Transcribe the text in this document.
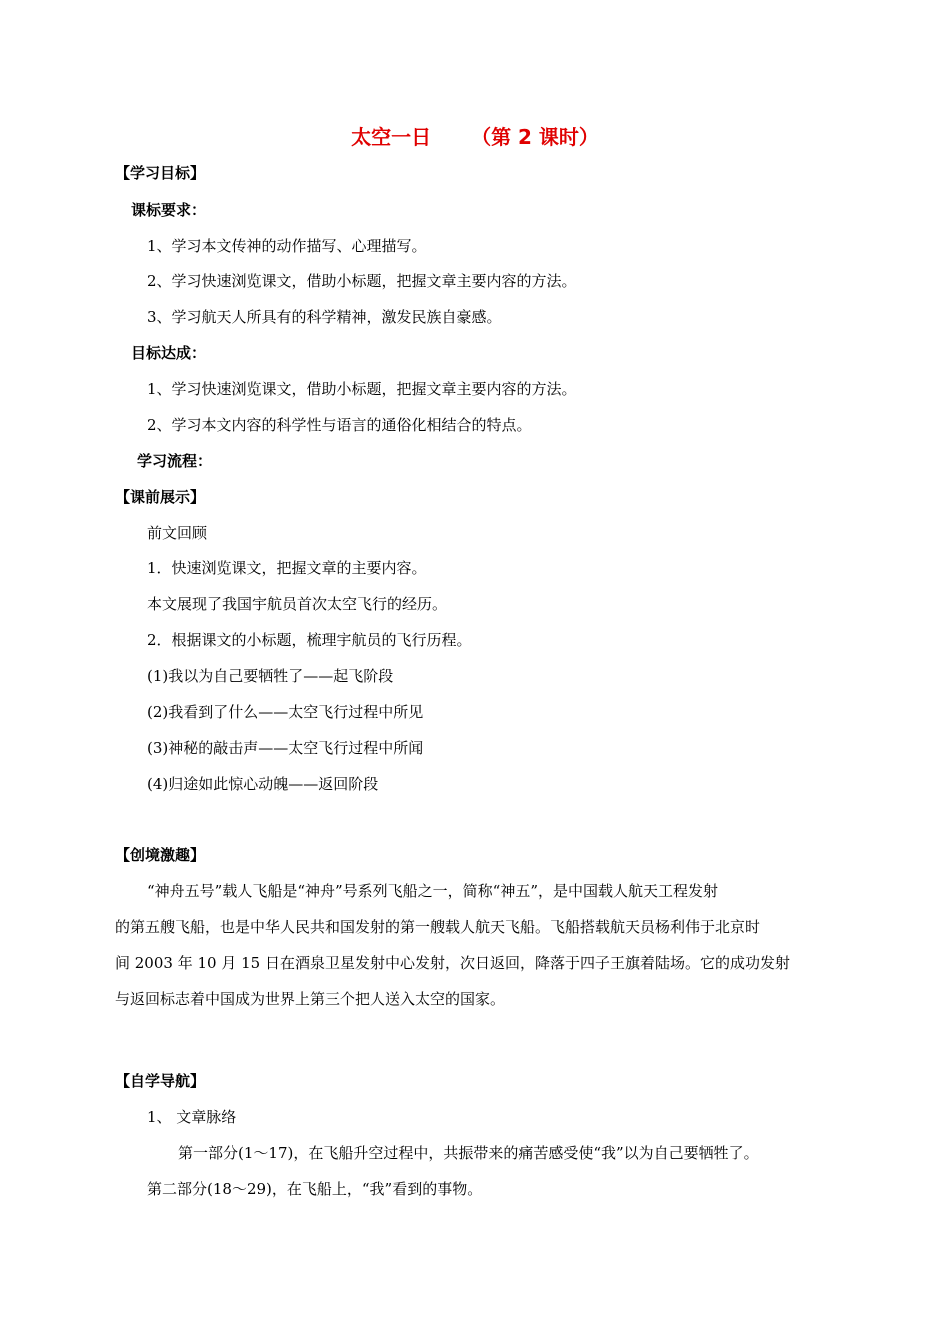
太空一日 （第 2 课时）
【学习目标】
课标要求：
1、学习本文传神的动作描写、心理描写。
2、学习快速浏览课文，借助小标题，把握文章主要内容的方法。
3、学习航天人所具有的科学精神，激发民族自豪感。
目标达成：
1、学习快速浏览课文，借助小标题，把握文章主要内容的方法。
2、学习本文内容的科学性与语言的通俗化相结合的特点。
学习流程：
【课前展示】
前文回顾
1．快速浏览课文，把握文章的主要内容。
本文展现了我国宇航员首次太空飞行的经历。
2．根据课文的小标题，梳理宇航员的飞行历程。
(1)我以为自己要牺牲了——起飞阶段
(2)我看到了什么——太空飞行过程中所见
(3)神秘的敲击声——太空飞行过程中所闻
(4)归途如此惊心动魄——返回阶段
【创境激趣】
“神舟五号”载人飞船是“神舟”号系列飞船之一，简称“神五”，是中国载人航天工程发射
的第五艘飞船，也是中华人民共和国发射的第一艘载人航天飞船。飞船搭载航天员杨利伟于北京时
间 2003 年 10 月 15 日在酒泉卫星发射中心发射，次日返回，降落于四子王旗着陆场。它的成功发射
与返回标志着中国成为世界上第三个把人送入太空的国家。
【自学导航】
1、 文章脉络
第一部分(1～17)，在飞船升空过程中，共振带来的痛苦感受使“我”以为自己要牺牲了。
第二部分(18～29)，在飞船上，“我”看到的事物。
